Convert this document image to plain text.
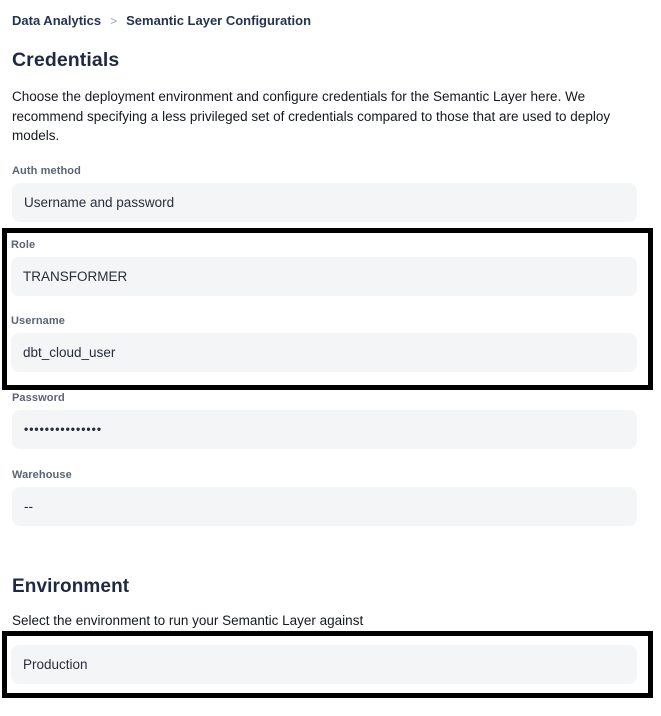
Data Analytics > Semantic Layer Configuration
Credentials

Choose the deployment environment and configure credentials for the Semantic Layer here. We recommend specifying a less privileged set of credentials compared to those that are used to deploy models.

Auth method
Username and password
Role
TRANSFORMER
Username
dbt_cloud_user
Password
•••••••••••••••
Warehouse
--
Environment

Select the environment to run your Semantic Layer against

Production
